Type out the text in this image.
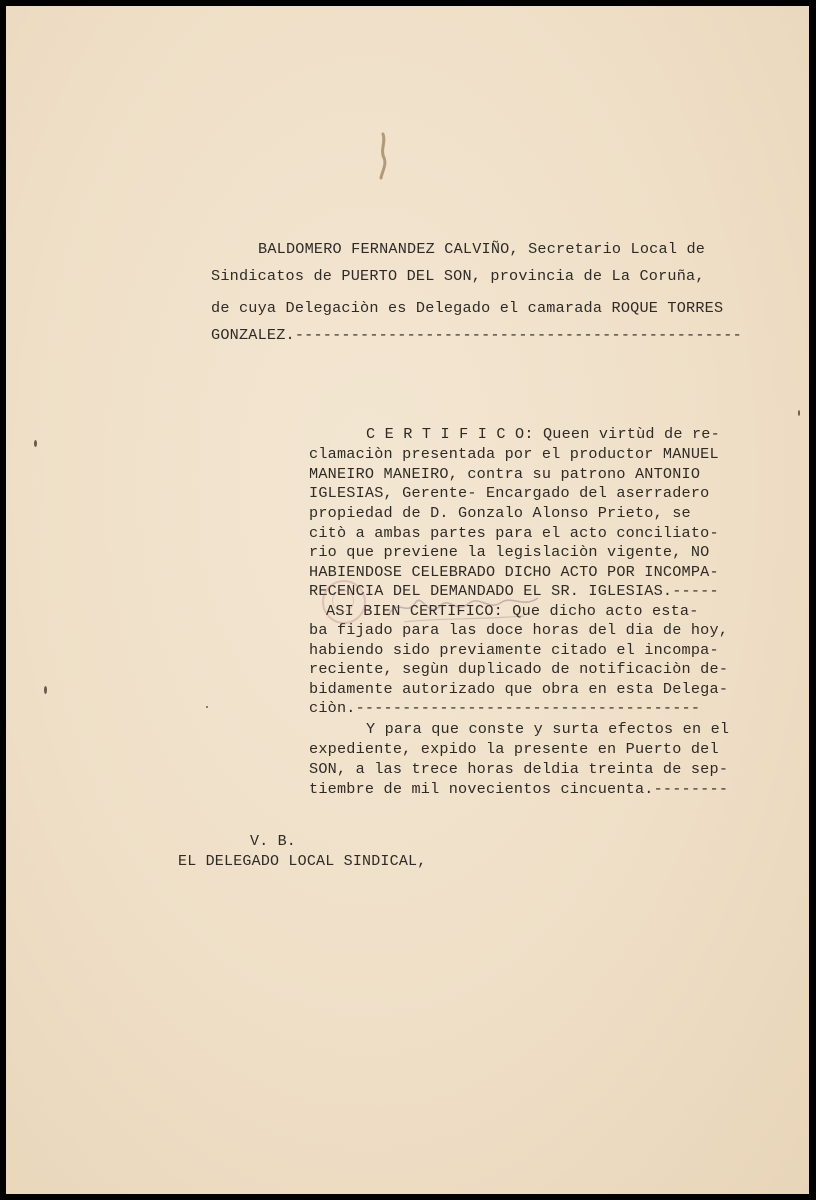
BALDOMERO FERNANDEZ CALVIÑO, Secretario Local de
Sindicatos de PUERTO DEL SON, provincia de La Coruña,
de cuya Delegaciòn es Delegado el camarada ROQUE TORRES
GONZALEZ.------------------------------------------------
C E R T I F I C O: Queen virtùd de re-
clamaciòn presentada por el productor MANUEL
MANEIRO MANEIRO, contra su patrono ANTONIO
IGLESIAS, Gerente- Encargado del aserradero
propiedad de D. Gonzalo Alonso Prieto, se
citò a ambas partes para el acto conciliato-
rio que previene la legislaciòn vigente, NO
HABIENDOSE CELEBRADO DICHO ACTO POR INCOMPA-
RECENCIA DEL DEMANDADO EL SR. IGLESIAS.-----
ASI BIEN CERTIFICO: Que dicho acto esta-
ba fijado para las doce horas del dia de hoy,
habiendo sido previamente citado el incompa-
reciente, segùn duplicado de notificaciòn de-
bidamente autorizado que obra en esta Delega-
ciòn.-------------------------------------
Y para que conste y surta efectos en el
expediente, expido la presente en Puerto del
SON, a las trece horas deldia treinta de sep-
tiembre de mil novecientos cincuenta.--------
V. B.
EL DELEGADO LOCAL SINDICAL,
